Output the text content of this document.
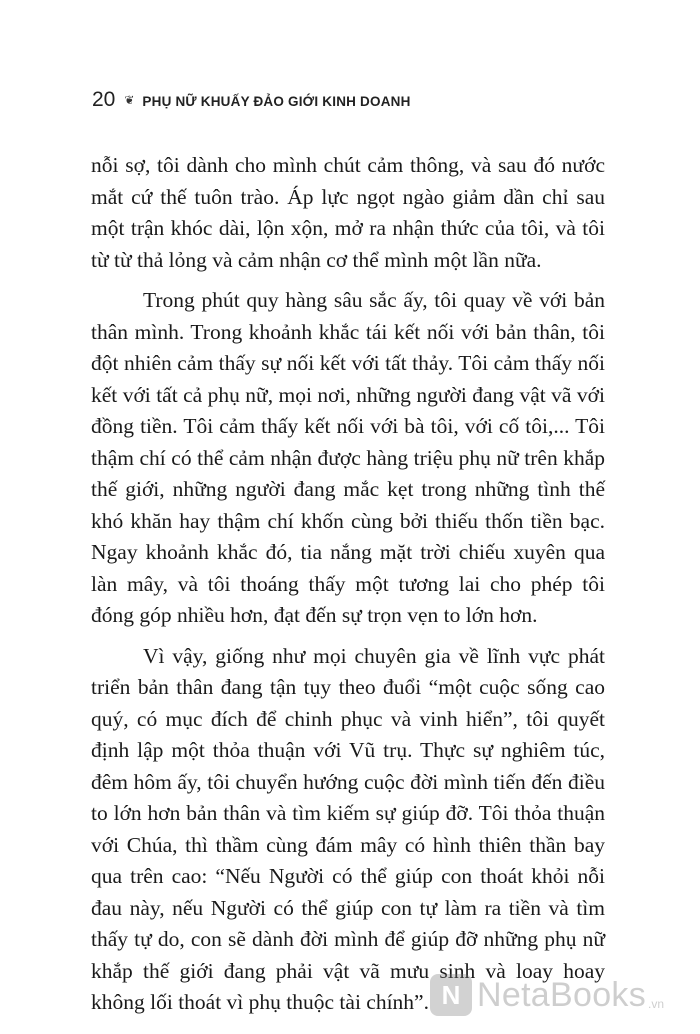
20 ❦ PHỤ NỮ KHUẤY ĐẢO GIỚI KINH DOANH

nỗi sợ, tôi dành cho mình chút cảm thông, và sau đó nước mắt cứ thế tuôn trào. Áp lực ngọt ngào giảm dần chỉ sau một trận khóc dài, lộn xộn, mở ra nhận thức của tôi, và tôi từ từ thả lỏng và cảm nhận cơ thể mình một lần nữa.

Trong phút quy hàng sâu sắc ấy, tôi quay về với bản thân mình. Trong khoảnh khắc tái kết nối với bản thân, tôi đột nhiên cảm thấy sự nối kết với tất thảy. Tôi cảm thấy nối kết với tất cả phụ nữ, mọi nơi, những người đang vật vã với đồng tiền. Tôi cảm thấy kết nối với bà tôi, với cố tôi,... Tôi thậm chí có thể cảm nhận được hàng triệu phụ nữ trên khắp thế giới, những người đang mắc kẹt trong những tình thế khó khăn hay thậm chí khốn cùng bởi thiếu thốn tiền bạc. Ngay khoảnh khắc đó, tia nắng mặt trời chiếu xuyên qua làn mây, và tôi thoáng thấy một tương lai cho phép tôi đóng góp nhiều hơn, đạt đến sự trọn vẹn to lớn hơn.

Vì vậy, giống như mọi chuyên gia về lĩnh vực phát triển bản thân đang tận tụy theo đuổi “một cuộc sống cao quý, có mục đích để chinh phục và vinh hiển”, tôi quyết định lập một thỏa thuận với Vũ trụ. Thực sự nghiêm túc, đêm hôm ấy, tôi chuyển hướng cuộc đời mình tiến đến điều to lớn hơn bản thân và tìm kiếm sự giúp đỡ. Tôi thỏa thuận với Chúa, thì thầm cùng đám mây có hình thiên thần bay qua trên cao: “Nếu Người có thể giúp con thoát khỏi nỗi đau này, nếu Người có thể giúp con tự làm ra tiền và tìm thấy tự do, con sẽ dành đời mình để giúp đỡ những phụ nữ khắp thế giới đang phải vật vã mưu sinh và loay hoay không lối thoát vì phụ thuộc tài chính”. N NetaBooks .vn
